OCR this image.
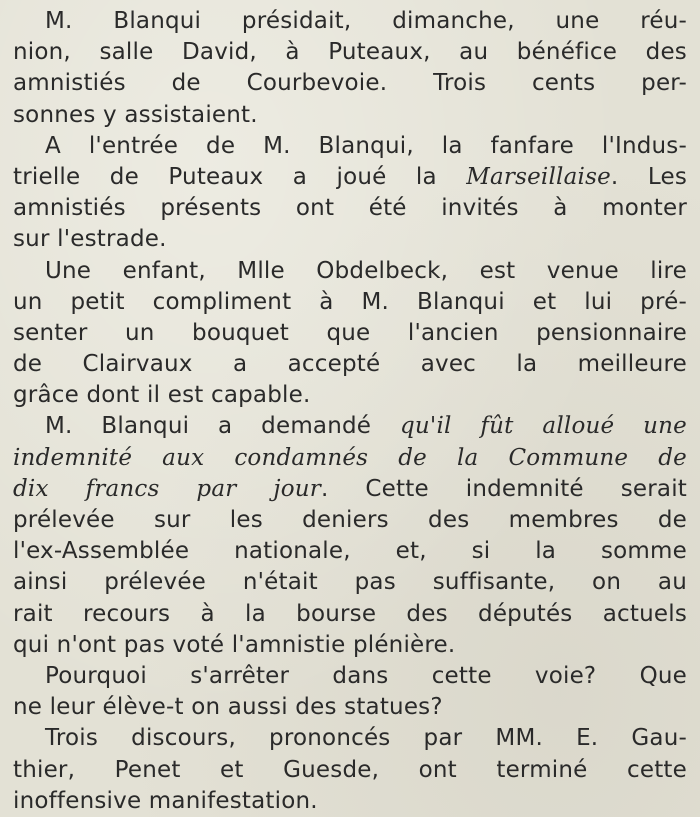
M. Blanqui présidait, dimanche, une réu-
nion, salle David, à Puteaux, au bénéfice des
amnistiés de Courbevoie. Trois cents per-
sonnes y assistaient.
A l'entrée de M. Blanqui, la fanfare l'Indus-
trielle de Puteaux a joué la Marseillaise. Les
amnistiés présents ont été invités à monter
sur l'estrade.
Une enfant, Mlle Obdelbeck, est venue lire
un petit compliment à M. Blanqui et lui pré-
senter un bouquet que l'ancien pensionnaire
de Clairvaux a accepté avec la meilleure
grâce dont il est capable.
M. Blanqui a demandé qu'il fût alloué une
indemnité aux condamnés de la Commune de
dix francs par jour. Cette indemnité serait
prélevée sur les deniers des membres de
l'ex-Assemblée nationale, et, si la somme
ainsi prélevée n'était pas suffisante, on au
rait recours à la bourse des députés actuels
qui n'ont pas voté l'amnistie plénière.
Pourquoi s'arrêter dans cette voie? Que
ne leur élève-t on aussi des statues?
Trois discours, prononcés par MM. E. Gau-
thier, Penet et Guesde, ont terminé cette
inoffensive manifestation.
